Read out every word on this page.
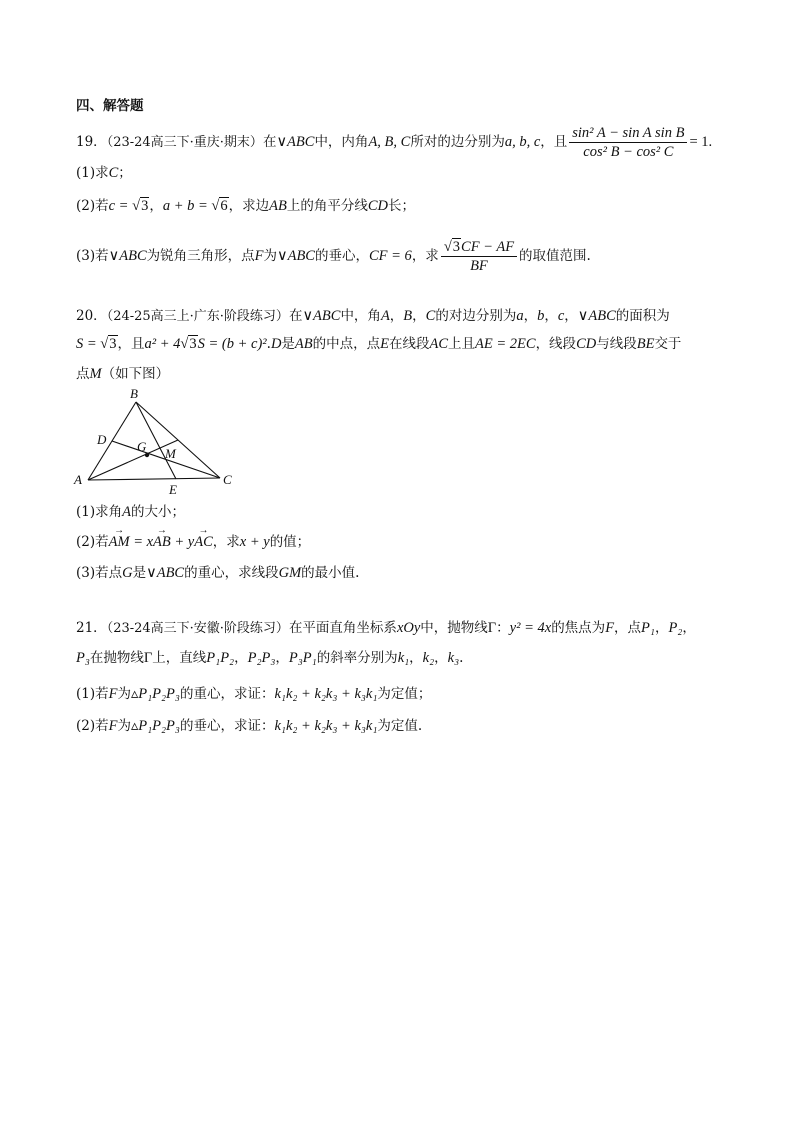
四、解答题
19．（23-24高三下·重庆·期末）在∨ABC中，内角A, B, C所对的边分别为a, b, c，且 $\frac{\text{sin² A − sin A sin B}}{\text{cos² B − cos² C}} = 1$.
(1)求C；
(2)若c = √3，a + b = √6，求边AB上的角平分线CD长；
(3)若∨ABC为锐角三角形，点F为∨ABC的垂心，CF = 6，求 $\frac{√3CF - AF}{BF}$ 的取值范围.
20．（24-25高三上·广东·阶段练习）在∨ABC中，角A，B，C的对边分别为a，b，c，∨ABC的面积为
S = √3，且a² + 4√3S = (b + c)².D是AB的中点，点E在线段AC上且AE = 2EC，线段CD与线段BE交于
点M（如下图）
A
B
C
D
E
G M
(1)求角A的大小；
(2)若→ AM = x→ AB + y→ AC，求x + y的值；
(3)若点G是∨ABC的重心，求线段GM的最小值.
21．（23-24高三下·安徽·阶段练习）在平面直角坐标系xOy中，抛物线Γ：y² = 4x的焦点为F，点P₁，P₂，
P₃在抛物线Γ上，直线P₁P₂，P₂P₃，P₃P₁的斜率分别为k₁，k₂，k₃.
(1)若F为▵P₁P₂P₃的重心，求证：k₁k₂ + k₂k₃ + k₃k₁为定值；
(2)若F为▵P₁P₂P₃的垂心，求证：k₁k₂ + k₂k₃ + k₃k₁为定值.
